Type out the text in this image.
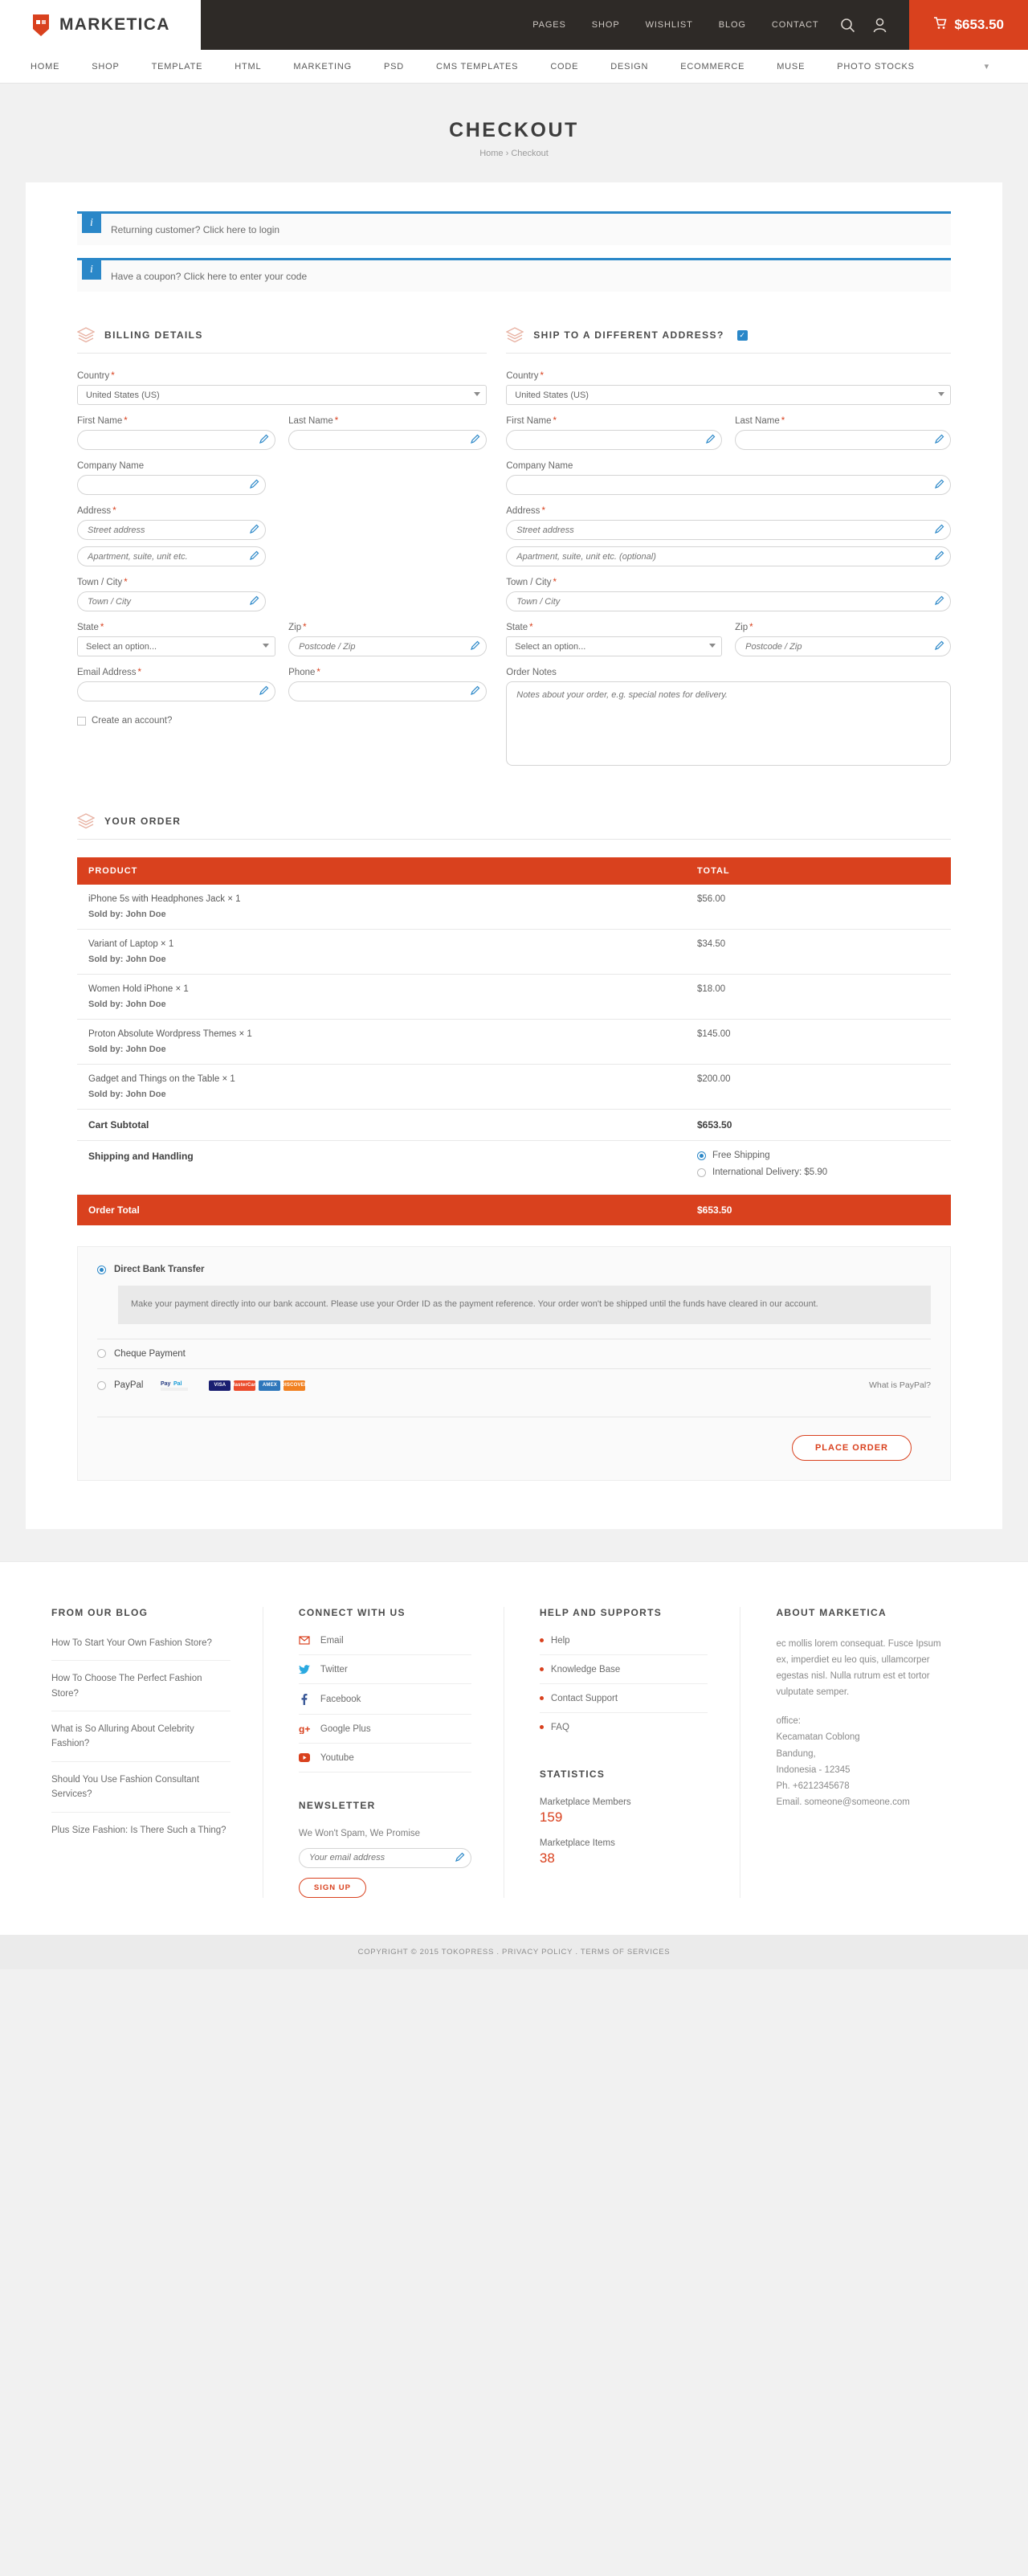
MARKETICA	PAGES	SHOP	WISHLIST	BLOG	CONTACT	$653.50
HOME	SHOP	TEMPLATE	HTML	MARKETING	PSD	CMS TEMPLATES	CODE	DESIGN	ECOMMERCE	MUSE	PHOTO STOCKS	▾
CHECKOUT
Home › Checkout
i
Returning customer? Click here to login
i
Have a coupon? Click here to enter your code
BILLING DETAILS
Country *
United States (US)
First Name *	Last Name *
Company Name
Address *
Street address
Apartment, suite, unit etc.
Town / City *
Town / City
State *
Select an option...	Zip *
Postcode / Zip
Email Address *	Phone *
Create an account?
SHIP TO A DIFFERENT ADDRESS?	✓
Country *
United States (US)
First Name *	Last Name *
Company Name
Address *
Street address
Apartment, suite, unit etc. (optional)
Town / City *
Town / City
State *
Select an option...	Zip *
Postcode / Zip
Order Notes
Notes about your order, e.g. special notes for delivery.
YOUR ORDER
PRODUCT	TOTAL

iPhone 5s with Headphones Jack × 1
Sold by: John Doe	$56.00

Variant of Laptop × 1
Sold by: John Doe	$34.50

Women Hold iPhone × 1
Sold by: John Doe	$18.00

Proton Absolute Wordpress Themes × 1
Sold by: John Doe	$145.00

Gadget and Things on the Table × 1
Sold by: John Doe	$200.00
Cart Subtotal	$653.50
Shipping and Handling	Free Shipping
International Delivery: $5.90

Order Total	$653.50
Direct Bank Transfer
Make your payment directly into our bank account. Please use your Order ID as the payment reference. Your order won't be shipped until the funds have cleared in our account.
Cheque Payment
PayPal	Pay Pal	VISA	MasterCard AMEX DISCOVER	What is PayPal?
PLACE ORDER
FROM OUR BLOG
How To Start Your Own Fashion Store?
How To Choose The Perfect Fashion Store?
What is So Alluring About Celebrity Fashion?
Should You Use Fashion Consultant Services?
Plus Size Fashion: Is There Such a Thing?
CONNECT WITH US
Email
Twitter
Facebook
g+ Google Plus
Youtube
NEWSLETTER
We Won't Spam, We Promise
Your email address
SIGN UP
HELP AND SUPPORTS
Help
Knowledge Base
Contact Support
FAQ
STATISTICS
Marketplace Members
159
Marketplace Items
38
ABOUT MARKETICA
ec mollis lorem consequat. Fusce Ipsum ex, imperdiet eu leo quis, ullamcorper egestas nisl. Nulla rutrum est et tortor vulputate semper.
office:
Kecamatan Coblong
Bandung,
Indonesia - 12345
Ph. +6212345678
Email. someone@someone.com
COPYRIGHT © 2015 TOKOPRESS . PRIVACY POLICY . TERMS OF SERVICES
